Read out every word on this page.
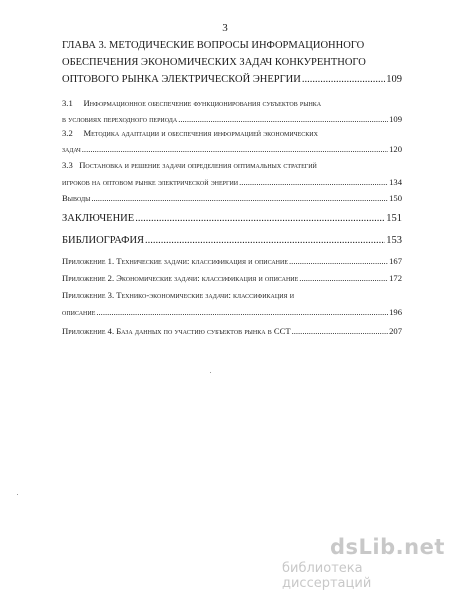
3
ГЛАВА 3. МЕТОДИЧЕСКИЕ ВОПРОСЫ ИНФОРМАЦИОННОГО
ОБЕСПЕЧЕНИЯ ЭКОНОМИЧЕСКИХ ЗАДАЧ КОНКУРЕНТНОГО
ОПТОВОГО РЫНКА ЭЛЕКТРИЧЕСКОЙ ЭНЕРГИИ .....	109
3.1 Информационное обеспечение функционирования субъектов рынка
в условиях переходного периода .....	109
3.2 Методика адаптации и обеспечения информацией экономических
задач .....	120
3.3 Постановка и решение задачи определения оптимальных стратегий
игроков на оптовом рынке электрической энергии .....	134
Выводы .....	150
ЗАКЛЮЧЕНИЕ .....	151
БИБЛИОГРАФИЯ .....	153
Приложение 1. Технические задачи: классификация и описание .....	167
Приложение 2. Экономические задачи: классификация и описание .....	172
Приложение 3. Технико-экономические задачи: классификация и
описание .....	196
Приложение 4. База данных по участию субъектов рынка в ССТ .....	207
dsLib.net
библиотека диссертаций
